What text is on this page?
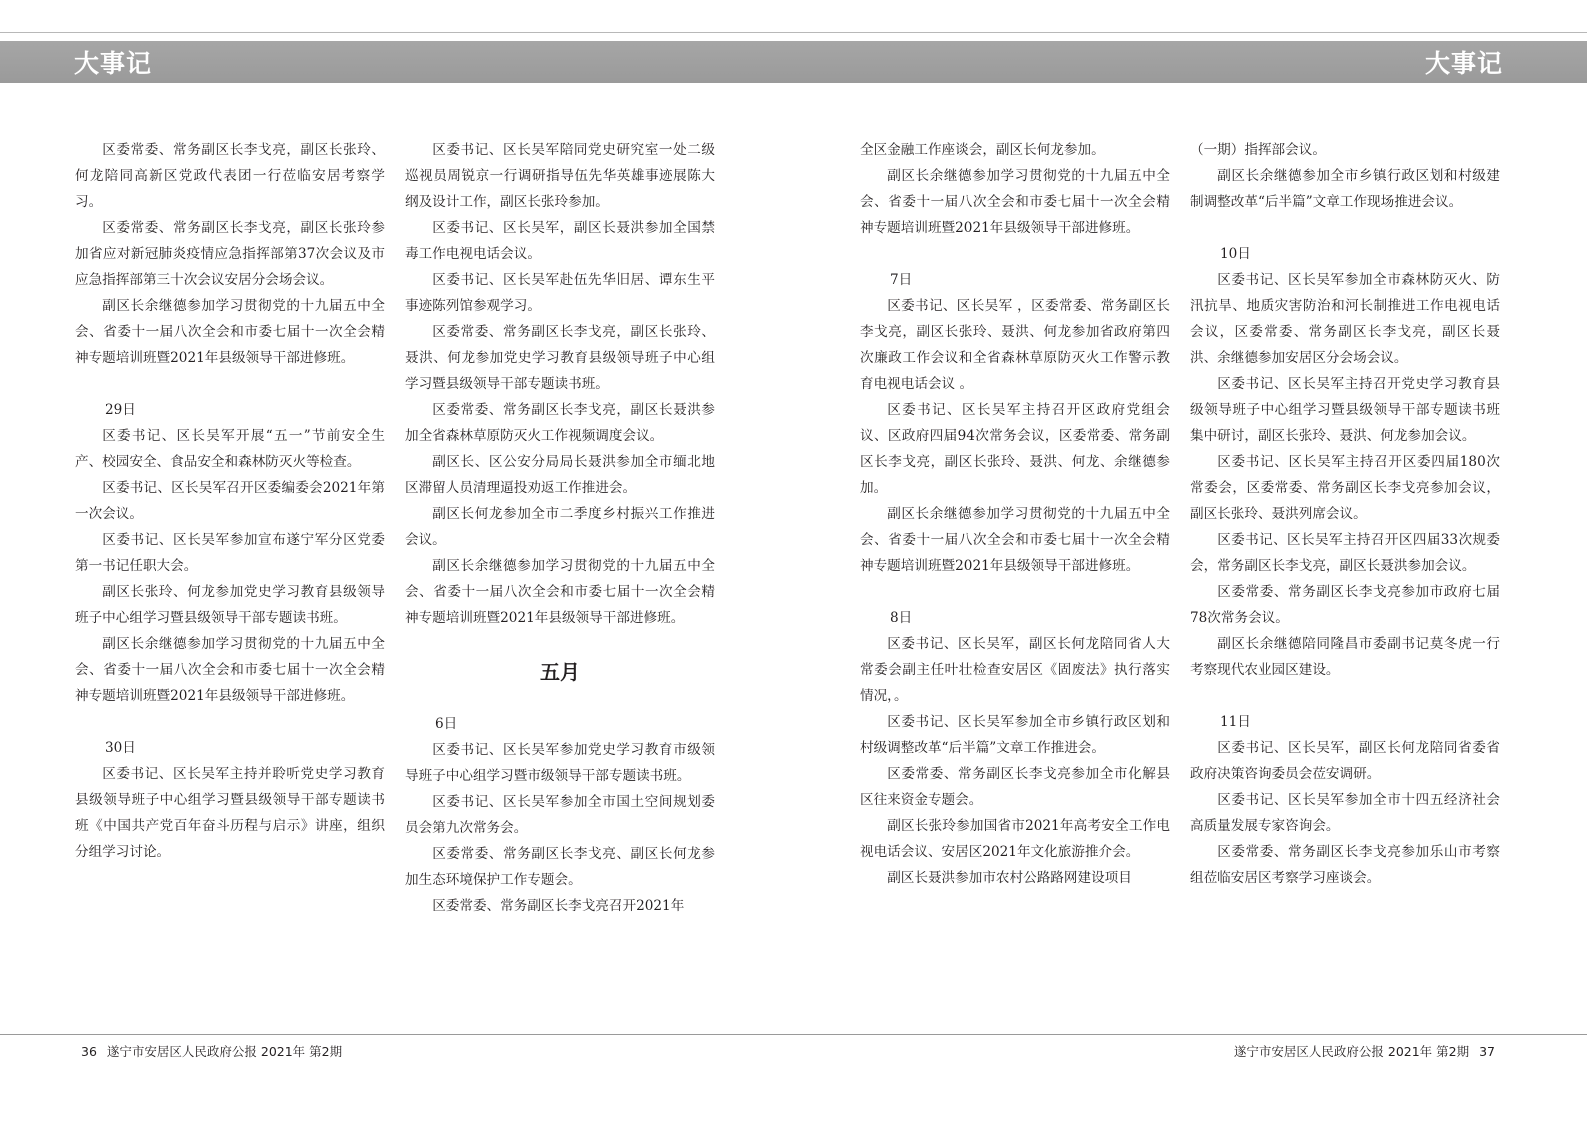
大事记	大事记

区委常委、常务副区长李戈亮，副区长张玲、何龙陪同高新区党政代表团一行莅临安居考察学习。

区委常委、常务副区长李戈亮，副区长张玲参加省应对新冠肺炎疫情应急指挥部第37次会议及市应急指挥部第三十次会议安居分会场会议。

副区长余继德参加学习贯彻党的十九届五中全会、省委十一届八次全会和市委七届十一次全会精神专题培训班暨2021年县级领导干部进修班。

29日

区委书记、区长吴军开展“五一”节前安全生产、校园安全、食品安全和森林防灭火等检查。

区委书记、区长吴军召开区委编委会2021年第一次会议。

区委书记、区长吴军参加宣布遂宁军分区党委第一书记任职大会。

副区长张玲、何龙参加党史学习教育县级领导班子中心组学习暨县级领导干部专题读书班。

副区长余继德参加学习贯彻党的十九届五中全会、省委十一届八次全会和市委七届十一次全会精神专题培训班暨2021年县级领导干部进修班。

30日

区委书记、区长吴军主持并聆听党史学习教育县级领导班子中心组学习暨县级领导干部专题读书班《中国共产党百年奋斗历程与启示》讲座，组织分组学习讨论。

区委书记、区长吴军陪同党史研究室一处二级巡视员周锐京一行调研指导伍先华英雄事迹展陈大纲及设计工作，副区长张玲参加。

区委书记、区长吴军，副区长聂洪参加全国禁毒工作电视电话会议。

区委书记、区长吴军赴伍先华旧居、谭东生平事迹陈列馆参观学习。

区委常委、常务副区长李戈亮，副区长张玲、聂洪、何龙参加党史学习教育县级领导班子中心组学习暨县级领导干部专题读书班。

区委常委、常务副区长李戈亮，副区长聂洪参加全省森林草原防灭火工作视频调度会议。

副区长、区公安分局局长聂洪参加全市缅北地区滞留人员清理逼投劝返工作推进会。

副区长何龙参加全市二季度乡村振兴工作推进会议。

副区长余继德参加学习贯彻党的十九届五中全会、省委十一届八次全会和市委七届十一次全会精神专题培训班暨2021年县级领导干部进修班。

五月
6日

区委书记、区长吴军参加党史学习教育市级领导班子中心组学习暨市级领导干部专题读书班。

区委书记、区长吴军参加全市国土空间规划委员会第九次常务会。

区委常委、常务副区长李戈亮、副区长何龙参加生态环境保护工作专题会。

区委常委、常务副区长李戈亮召开2021年

全区金融工作座谈会，副区长何龙参加。

副区长余继德参加学习贯彻党的十九届五中全会、省委十一届八次全会和市委七届十一次全会精神专题培训班暨2021年县级领导干部进修班。

7日

区委书记、区长吴军 ，区委常委、常务副区长李戈亮，副区长张玲、聂洪、何龙参加省政府第四次廉政工作会议和全省森林草原防灭火工作警示教育电视电话会议 。

区委书记、区长吴军主持召开区政府党组会议、区政府四届94次常务会议，区委常委、常务副区长李戈亮，副区长张玲、聂洪、何龙、余继德参加。

副区长余继德参加学习贯彻党的十九届五中全会、省委十一届八次全会和市委七届十一次全会精神专题培训班暨2021年县级领导干部进修班。

8日

区委书记、区长吴军，副区长何龙陪同省人大常委会副主任叶壮检查安居区《固废法》执行落实情况，。

区委书记、区长吴军参加全市乡镇行政区划和村级调整改革“后半篇”文章工作推进会。

区委常委、常务副区长李戈亮参加全市化解县区往来资金专题会。

副区长张玲参加国省市2021年高考安全工作电视电话会议、安居区2021年文化旅游推介会。

副区长聂洪参加市农村公路路网建设项目

（一期）指挥部会议。

副区长余继德参加全市乡镇行政区划和村级建制调整改革“后半篇”文章工作现场推进会议。

10日

区委书记、区长吴军参加全市森林防灭火、防汛抗旱、地质灾害防治和河长制推进工作电视电话会议，区委常委、常务副区长李戈亮，副区长聂洪、余继德参加安居区分会场会议。

区委书记、区长吴军主持召开党史学习教育县级领导班子中心组学习暨县级领导干部专题读书班集中研讨，副区长张玲、聂洪、何龙参加会议。

区委书记、区长吴军主持召开区委四届180次常委会，区委常委、常务副区长李戈亮参加会议，副区长张玲、聂洪列席会议。

区委书记、区长吴军主持召开区四届33次规委会，常务副区长李戈亮，副区长聂洪参加会议。

区委常委、常务副区长李戈亮参加市政府七届78次常务会议。

副区长余继德陪同隆昌市委副书记莫冬虎一行考察现代农业园区建设。

11日

区委书记、区长吴军，副区长何龙陪同省委省政府决策咨询委员会莅安调研。

区委书记、区长吴军参加全市十四五经济社会高质量发展专家咨询会。

区委常委、常务副区长李戈亮参加乐山市考察组莅临安居区考察学习座谈会。

36 遂宁市安居区人民政府公报 2021年 第2期	遂宁市安居区人民政府公报 2021年 第2期 37
